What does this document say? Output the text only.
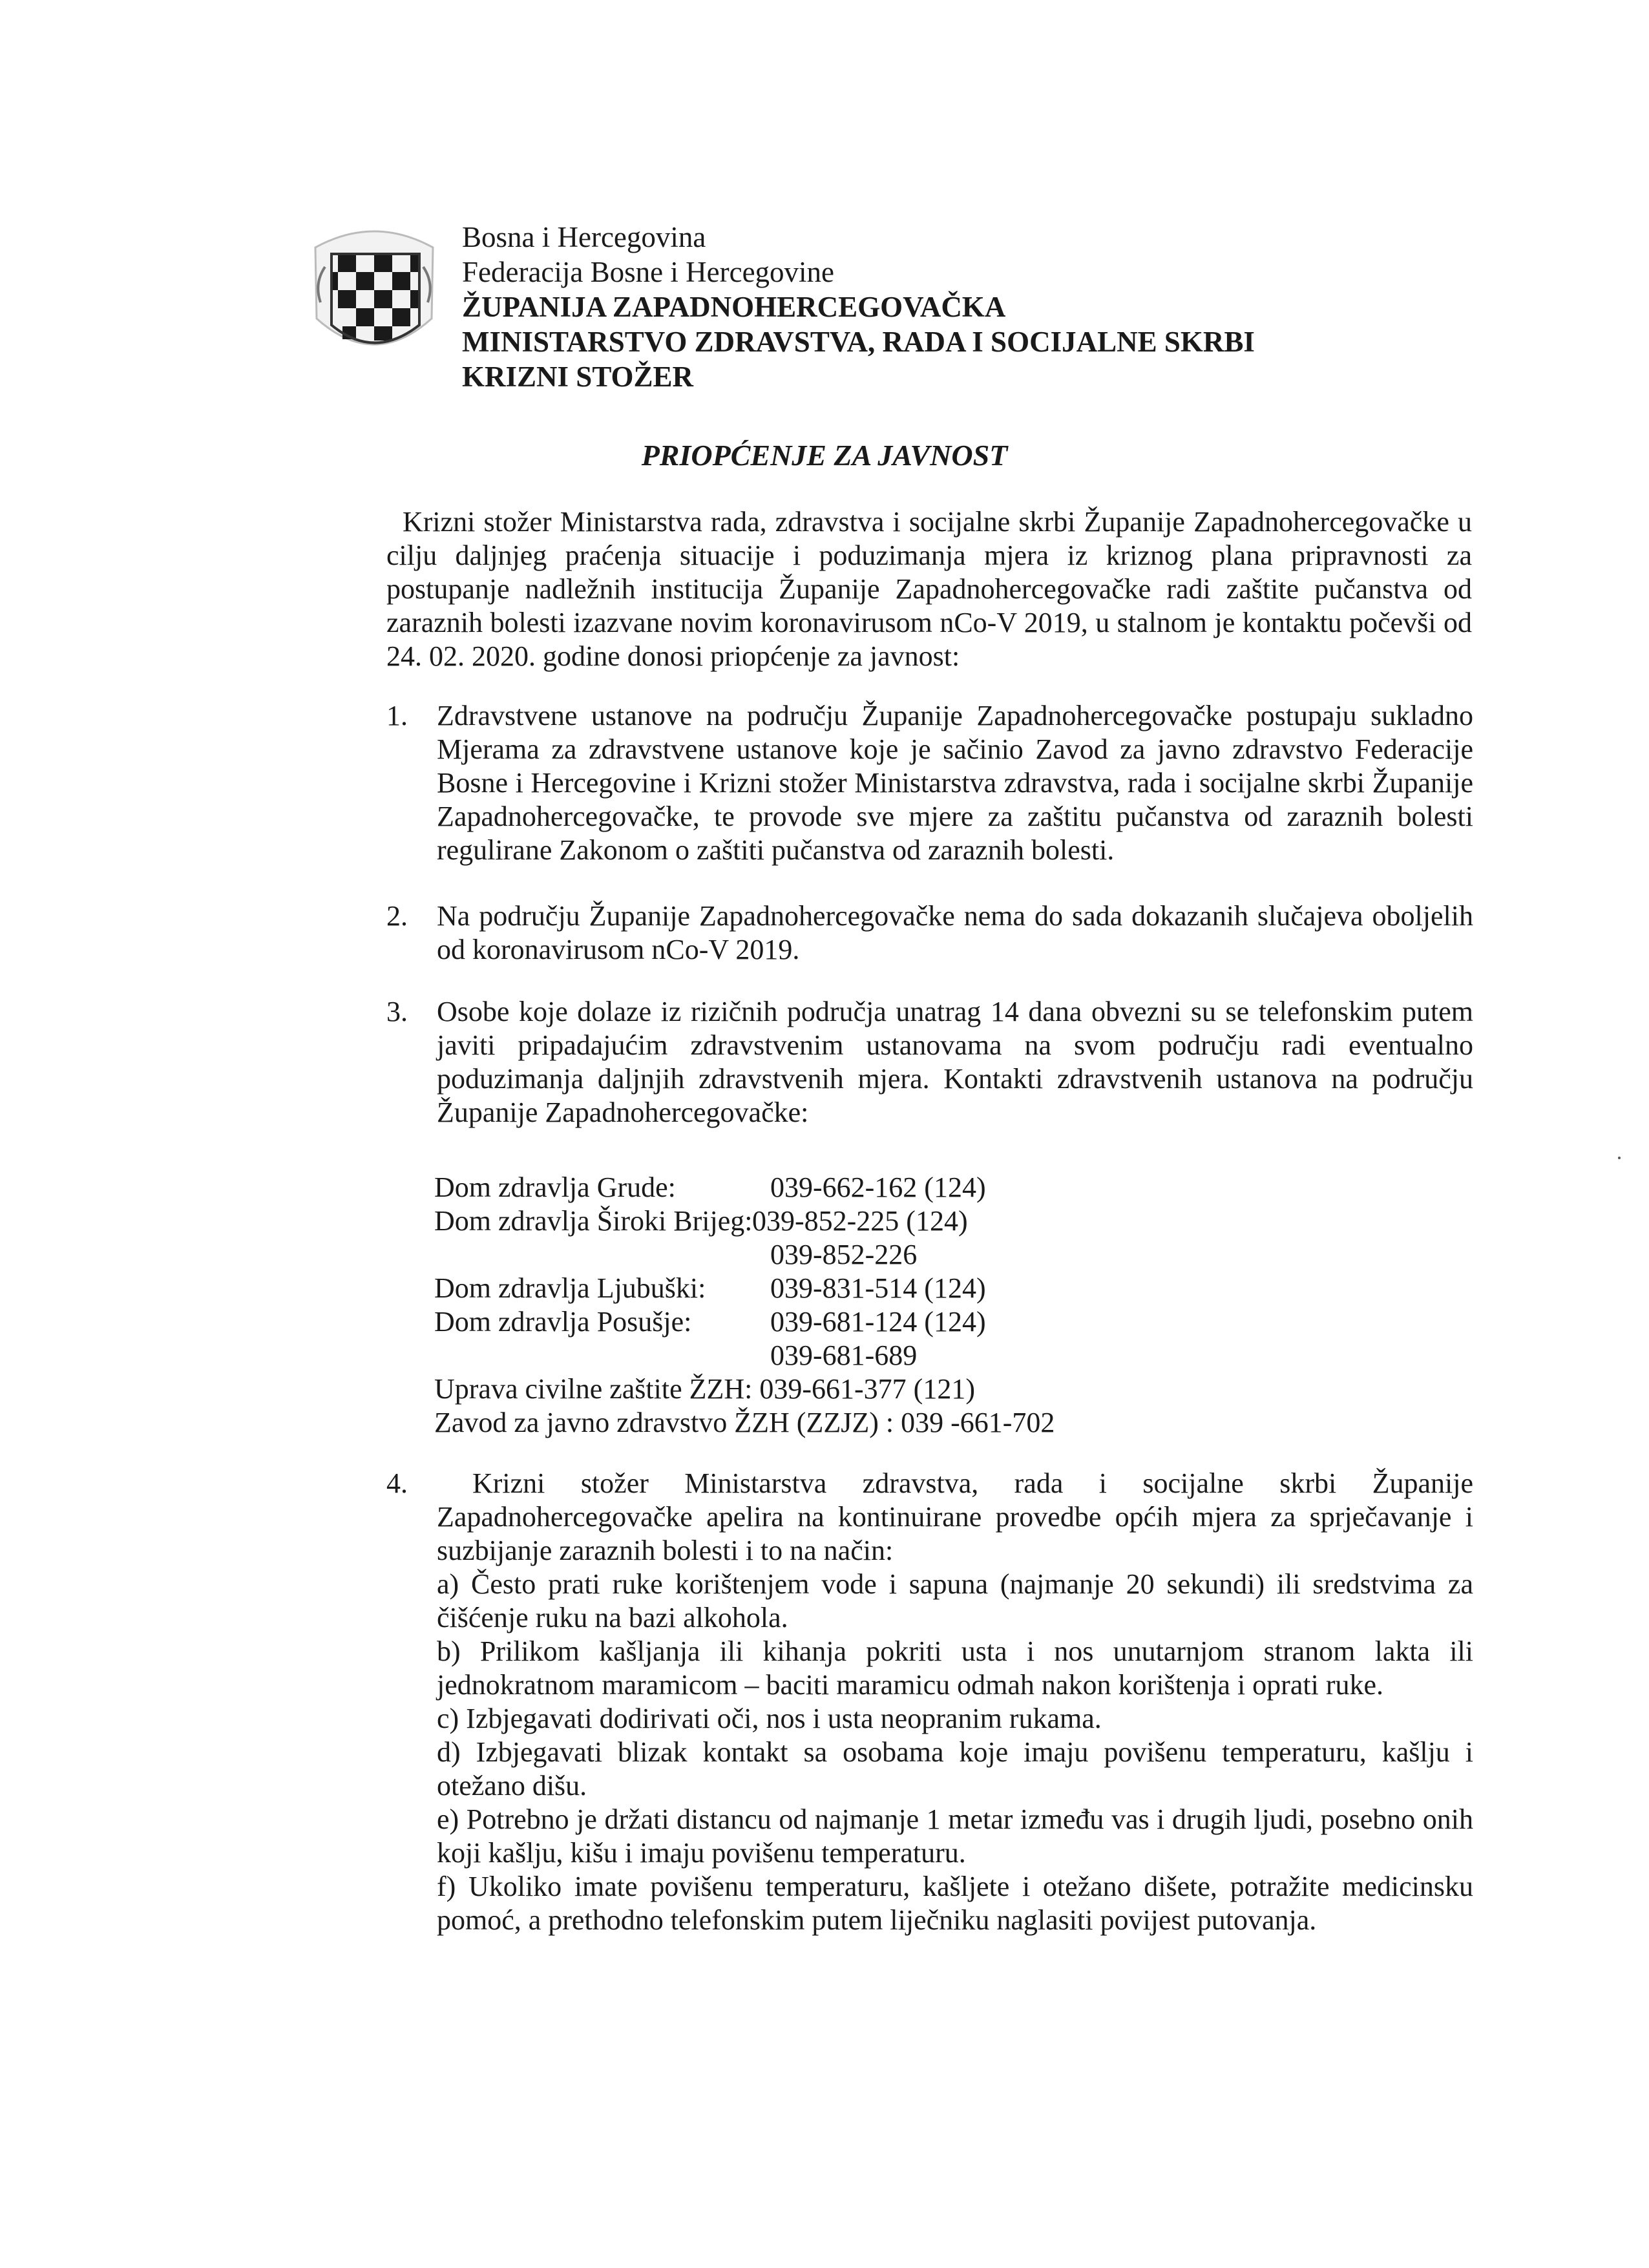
Bosna i Hercegovina
Federacija Bosne i Hercegovine
ŽUPANIJA ZAPADNOHERCEGOVAČKA
MINISTARSTVO ZDRAVSTVA, RADA I SOCIJALNE SKRBI
KRIZNI STOŽER
PRIOPĆENJE ZA JAVNOST
Krizni stožer Ministarstva rada, zdravstva i socijalne skrbi Županije Zapadnohercegovačke u cilju daljnjeg praćenja situacije i poduzimanja mjera iz kriznog plana pripravnosti za postupanje nadležnih institucija Županije Zapadnohercegovačke radi zaštite pučanstva od zaraznih bolesti izazvane novim koronavirusom nCo-V 2019, u stalnom je kontaktu počevši od 24. 02. 2020. godine donosi priopćenje za javnost:
1.	Zdravstvene ustanove na području Županije Zapadnohercegovačke postupaju sukladno Mjerama za zdravstvene ustanove koje je sačinio Zavod za javno zdravstvo Federacije Bosne i Hercegovine i Krizni stožer Ministarstva zdravstva, rada i socijalne skrbi Županije Zapadnohercegovačke, te provode sve mjere za zaštitu pučanstva od zaraznih bolesti regulirane Zakonom o zaštiti pučanstva od zaraznih bolesti.
2.	Na području Županije Zapadnohercegovačke nema do sada dokazanih slučajeva oboljelih od koronavirusom nCo-V 2019.
3.	Osobe koje dolaze iz rizičnih područja unatrag 14 dana obvezni su se telefonskim putem javiti pripadajućim zdravstvenim ustanovama na svom području radi eventualno poduzimanja daljnjih zdravstvenih mjera. Kontakti zdravstvenih ustanova na području Županije Zapadnohercegovačke:
Dom zdravlja Grude:	039-662-162 (124)
Dom zdravlja Široki Brijeg: 039-852-225 (124)
039-852-226
Dom zdravlja Ljubuški: 039-831-514 (124)
Dom zdravlja Posušje:	039-681-124 (124)
039-681-689
Uprava civilne zaštite ŽZH: 039-661-377 (121)
Zavod za javno zdravstvo ŽZH (ZZJZ) : 039 -661-702
4.	Krizni stožer Ministarstva zdravstva, rada i socijalne skrbi Županije Zapadnohercegovačke apelira na kontinuirane provedbe općih mjera za sprječavanje i suzbijanje zaraznih bolesti i to na način:

a) Često prati ruke korištenjem vode i sapuna (najmanje 20 sekundi) ili sredstvima za čišćenje ruku na bazi alkohola.

b) Prilikom kašljanja ili kihanja pokriti usta i nos unutarnjom stranom lakta ili jednokratnom maramicom – baciti maramicu odmah nakon korištenja i oprati ruke.

c) Izbjegavati dodirivati oči, nos i usta neopranim rukama.

d) Izbjegavati blizak kontakt sa osobama koje imaju povišenu temperaturu, kašlju i otežano dišu.

e) Potrebno je držati distancu od najmanje 1 metar između vas i drugih ljudi, posebno onih koji kašlju, kišu i imaju povišenu temperaturu.

f) Ukoliko imate povišenu temperaturu, kašljete i otežano dišete, potražite medicinsku pomoć, a prethodno telefonskim putem liječniku naglasiti povijest putovanja.
